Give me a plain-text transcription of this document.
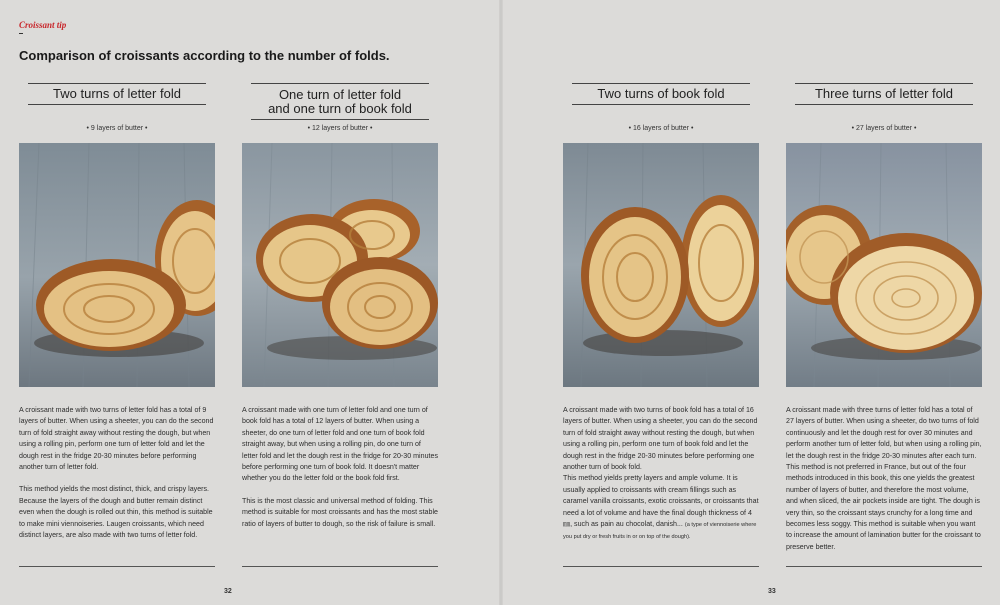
Croissant tip
Comparison of croissants according to the number of folds.
Two turns of letter fold
• 9 layers of butter •

A croissant made with two turns of letter fold has a total of 9 layers of butter. When using a sheeter, you can do the second turn of fold straight away without resting the dough, but when using a rolling pin, perform one turn of letter fold and let the dough rest in the fridge 20-30 minutes before performing another turn of letter fold.

This method yields the most distinct, thick, and crispy layers. Because the layers of the dough and butter remain distinct even when the dough is rolled out thin, this method is suitable to make mini viennoiseries. Laugen croissants, which need distinct layers, are also made with two turns of letter fold.

One turn of letter fold
and one turn of book fold
• 12 layers of butter •

A croissant made with one turn of letter fold and one turn of book fold has a total of 12 layers of butter. When using a sheeter, do one turn of letter fold and one turn of book fold straight away, but when using a rolling pin, do one turn of letter fold and let the dough rest in the fridge for 20-30 minutes before performing one turn of book fold. It doesn't matter whether you do the letter fold or the book fold first.

This is the most classic and universal method of folding. This method is suitable for most croissants and has the most stable ratio of layers of butter to dough, so the risk of failure is small.

Two turns of book fold
• 16 layers of butter •

A croissant made with two turns of book fold has a total of 16 layers of butter. When using a sheeter, you can do the second turn of fold straight away without resting the dough, but when using a rolling pin, perform one turn of book fold and let the dough rest in the fridge 20-30 minutes before performing one another turn of book fold.

This method yields pretty layers and ample volume. It is usually applied to croissants with cream fillings such as caramel vanilla croissants, exotic croissants, or croissants that need a lot of volume and have the final dough thickness of 4㎜, such as pain au chocolat, danish... (a type of viennoiserie where you put dry or fresh fruits in or on top of the dough).

Three turns of letter fold
• 27 layers of butter •

A croissant made with three turns of letter fold has a total of 27 layers of butter. When using a sheeter, do two turns of fold continuously and let the dough rest for over 30 minutes and perform another turn of letter fold, but when using a rolling pin, let the dough rest in the fridge 20-30 minutes after each turn. This method is not preferred in France, but out of the four methods introduced in this book, this one yields the greatest number of layers of butter, and therefore the most volume, and when sliced, the air pockets inside are tight. The dough is very thin, so the croissant stays crunchy for a long time and becomes less soggy. This method is suitable when you want to increase the amount of lamination butter for the croissant to preserve better.

32	33
